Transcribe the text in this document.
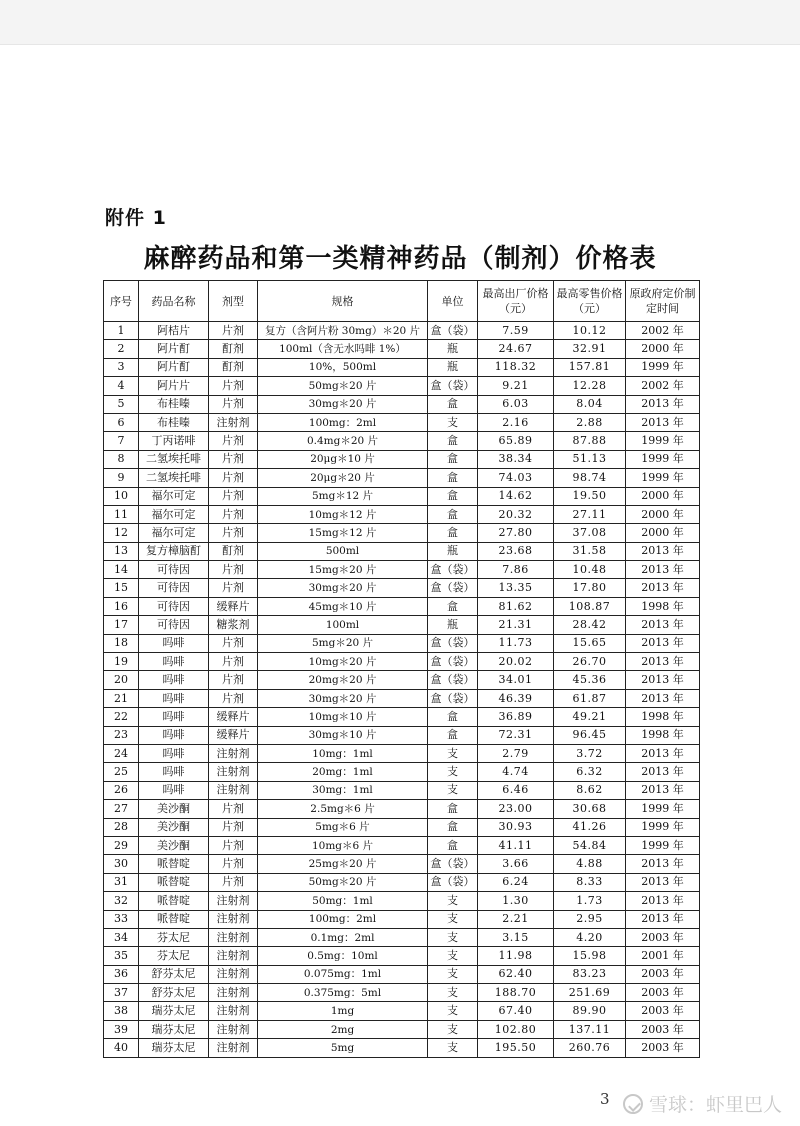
附件 1
麻醉药品和第一类精神药品（制剂）价格表
序号	药品名称	剂型	规格	单位	最高出厂价格（元）	最高零售价格（元）	原政府定价制定时间
1	阿桔片	片剂	复方（含阿片粉 30mg）＊20 片	盒（袋）	7.59	10.12	2002 年
2	阿片酊	酊剂	100ml（含无水吗啡 1%）	瓶	24.67	32.91	2000 年
3	阿片酊	酊剂	10%，500ml	瓶	118.32	157.81	1999 年
4	阿片片	片剂	50mg＊20 片	盒（袋）	9.21	12.28	2002 年
5	布桂嗪	片剂	30mg＊20 片	盒	6.03	8.04	2013 年
6	布桂嗪	注射剂	100mg：2ml	支	2.16	2.88	2013 年
7	丁丙诺啡	片剂	0.4mg＊20 片	盒	65.89	87.88	1999 年
8	二氢埃托啡	片剂	20μg＊10 片	盒	38.34	51.13	1999 年
9	二氢埃托啡	片剂	20μg＊20 片	盒	74.03	98.74	1999 年
10	福尔可定	片剂	5mg＊12 片	盒	14.62	19.50	2000 年
11	福尔可定	片剂	10mg＊12 片	盒	20.32	27.11	2000 年
12	福尔可定	片剂	15mg＊12 片	盒	27.80	37.08	2000 年
13	复方樟脑酊	酊剂	500ml	瓶	23.68	31.58	2013 年
14	可待因	片剂	15mg＊20 片	盒（袋）	7.86	10.48	2013 年
15	可待因	片剂	30mg＊20 片	盒（袋）	13.35	17.80	2013 年
16	可待因	缓释片	45mg＊10 片	盒	81.62	108.87	1998 年
17	可待因	糖浆剂	100ml	瓶	21.31	28.42	2013 年
18	吗啡	片剂	5mg＊20 片	盒（袋）	11.73	15.65	2013 年
19	吗啡	片剂	10mg＊20 片	盒（袋）	20.02	26.70	2013 年
20	吗啡	片剂	20mg＊20 片	盒（袋）	34.01	45.36	2013 年
21	吗啡	片剂	30mg＊20 片	盒（袋）	46.39	61.87	2013 年
22	吗啡	缓释片	10mg＊10 片	盒	36.89	49.21	1998 年
23	吗啡	缓释片	30mg＊10 片	盒	72.31	96.45	1998 年
24	吗啡	注射剂	10mg：1ml	支	2.79	3.72	2013 年
25	吗啡	注射剂	20mg：1ml	支	4.74	6.32	2013 年
26	吗啡	注射剂	30mg：1ml	支	6.46	8.62	2013 年
27	美沙酮	片剂	2.5mg＊6 片	盒	23.00	30.68	1999 年
28	美沙酮	片剂	5mg＊6 片	盒	30.93	41.26	1999 年
29	美沙酮	片剂	10mg＊6 片	盒	41.11	54.84	1999 年
30	哌替啶	片剂	25mg＊20 片	盒（袋）	3.66	4.88	2013 年
31	哌替啶	片剂	50mg＊20 片	盒（袋）	6.24	8.33	2013 年
32	哌替啶	注射剂	50mg：1ml	支	1.30	1.73	2013 年
33	哌替啶	注射剂	100mg：2ml	支	2.21	2.95	2013 年
34	芬太尼	注射剂	0.1mg：2ml	支	3.15	4.20	2003 年
35	芬太尼	注射剂	0.5mg：10ml	支	11.98	15.98	2001 年
36	舒芬太尼	注射剂	0.075mg：1ml	支	62.40	83.23	2003 年
37	舒芬太尼	注射剂	0.375mg：5ml	支	188.70	251.69	2003 年
38	瑞芬太尼	注射剂	1mg	支	67.40	89.90	2003 年
39	瑞芬太尼	注射剂	2mg	支	102.80	137.11	2003 年
40	瑞芬太尼	注射剂	5mg	支	195.50	260.76	2003 年
3 雪球：虾里巴人
